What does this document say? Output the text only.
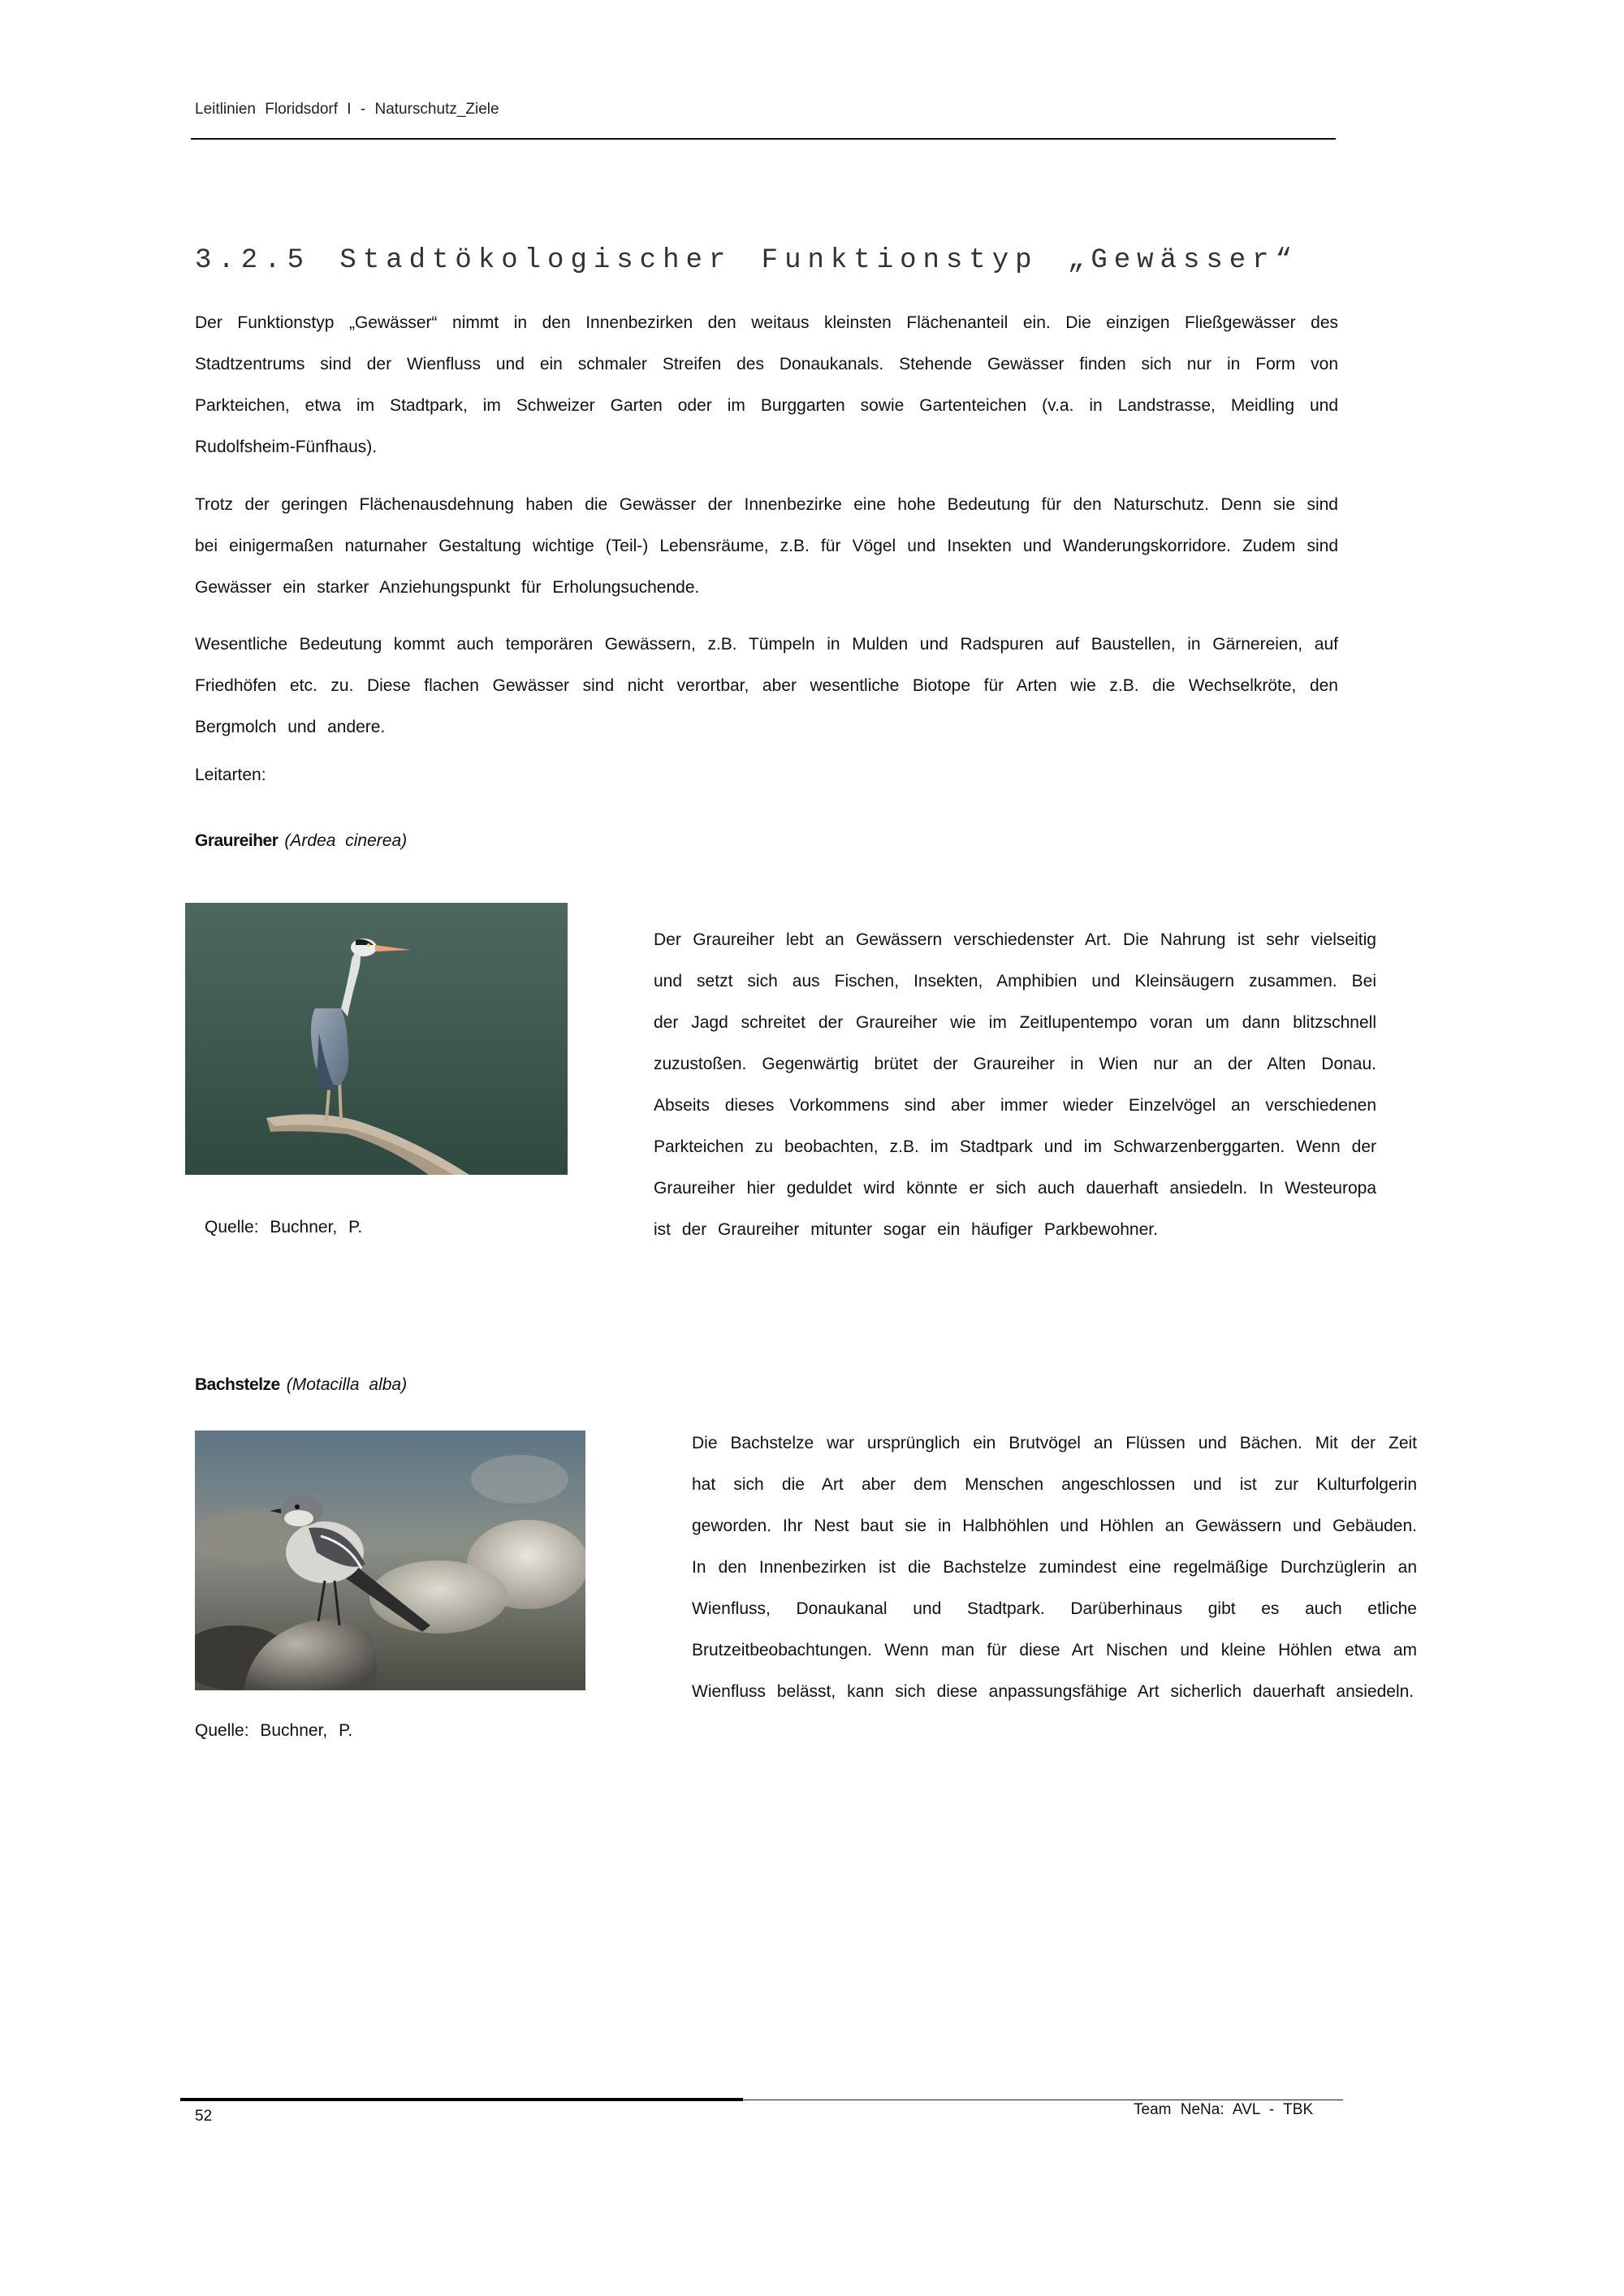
Leitlinien Floridsdorf I - Naturschutz_Ziele
3.2.5 Stadtökologischer Funktionstyp „Gewässer“
Der Funktionstyp „Gewässer“ nimmt in den Innenbezirken den weitaus kleinsten Flächenanteil ein. Die einzigen Fließgewässer des Stadtzentrums sind der Wienfluss und ein schmaler Streifen des Donaukanals. Stehende Gewässer finden sich nur in Form von Parkteichen, etwa im Stadtpark, im Schweizer Garten oder im Burggarten sowie Gartenteichen (v.a. in Landstrasse, Meidling und Rudolfsheim-Fünfhaus).
Trotz der geringen Flächenausdehnung haben die Gewässer der Innenbezirke eine hohe Bedeutung für den Naturschutz. Denn sie sind bei einigermaßen naturnaher Gestaltung wichtige (Teil-) Lebensräume, z.B. für Vögel und Insekten und Wanderungskorridore. Zudem sind Gewässer ein starker Anziehungspunkt für Erholungsuchende.
Wesentliche Bedeutung kommt auch temporären Gewässern, z.B. Tümpeln in Mulden und Radspuren auf Baustellen, in Gärnereien, auf Friedhöfen etc. zu. Diese flachen Gewässer sind nicht verortbar, aber wesentliche Biotope für Arten wie z.B. die Wechselkröte, den Bergmolch und andere.
Leitarten:
Graureiher (Ardea cinerea)
Quelle: Buchner, P.
Der Graureiher lebt an Gewässern verschiedenster Art. Die Nahrung ist sehr vielseitig und setzt sich aus Fischen, Insekten, Amphibien und Kleinsäugern zusammen. Bei der Jagd schreitet der Graureiher wie im Zeitlupentempo voran um dann blitzschnell zuzustoßen. Gegenwärtig brütet der Graureiher in Wien nur an der Alten Donau. Abseits dieses Vorkommens sind aber immer wieder Einzelvögel an verschiedenen Parkteichen zu beobachten, z.B. im Stadtpark und im Schwarzenberggarten. Wenn der Graureiher hier geduldet wird könnte er sich auch dauerhaft ansiedeln. In Westeuropa ist der Graureiher mitunter sogar ein häufiger Parkbewohner.
Bachstelze (Motacilla alba)
Quelle: Buchner, P.
Die Bachstelze war ursprünglich ein Brutvögel an Flüssen und Bächen. Mit der Zeit hat sich die Art aber dem Menschen angeschlossen und ist zur Kulturfolgerin geworden. Ihr Nest baut sie in Halbhöhlen und Höhlen an Gewässern und Gebäuden. In den Innenbezirken ist die Bachstelze zumindest eine regelmäßige Durchzüglerin an Wienfluss, Donaukanal und Stadtpark. Darüberhinaus gibt es auch etliche Brutzeitbeobachtungen. Wenn man für diese Art Nischen und kleine Höhlen etwa am Wienfluss belässt, kann sich diese anpassungsfähige Art sicherlich dauerhaft ansiedeln.
52	Team NeNa: AVL - TBK
